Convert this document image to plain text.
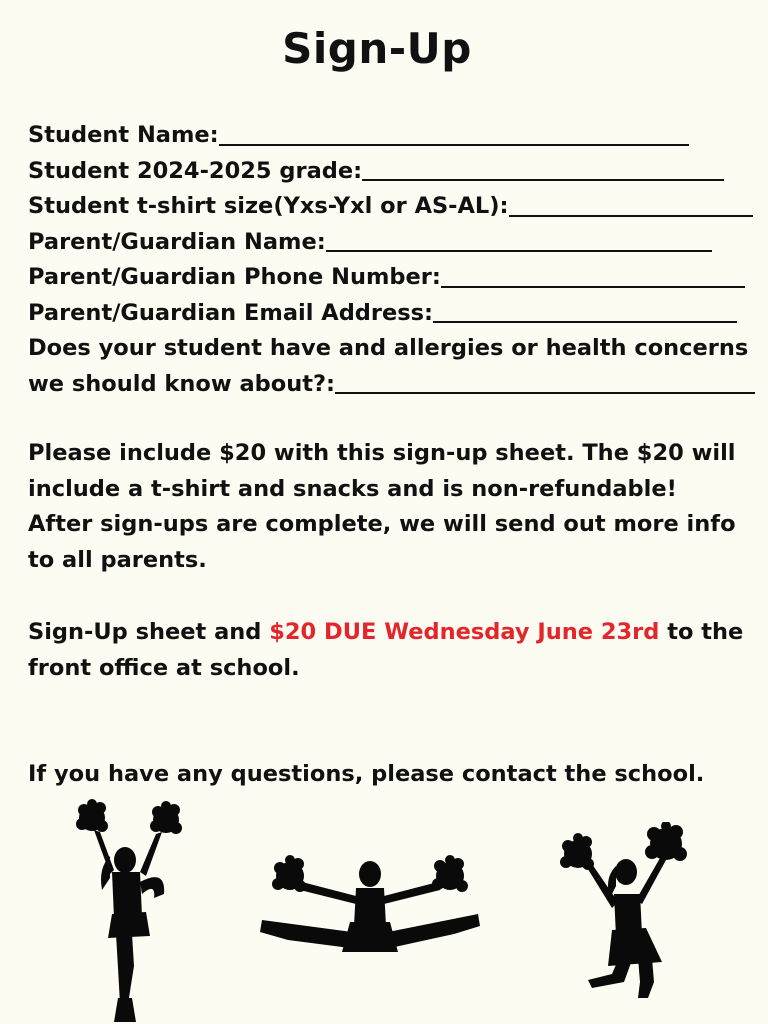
Sign-Up
Student Name:
Student 2024-2025 grade:
Student t-shirt size(Yxs-Yxl or AS-AL):
Parent/Guardian Name:
Parent/Guardian Phone Number:
Parent/Guardian Email Address:
Does your student have and allergies or health concerns
we should know about?:
Please include $20 with this sign-up sheet. The $20 will include a t-shirt and snacks and is non-refundable! After sign-ups are complete, we will send out more info to all parents.
Sign-Up sheet and $20 DUE Wednesday June 23rd to the front office at school.
If you have any questions, please contact the school.
